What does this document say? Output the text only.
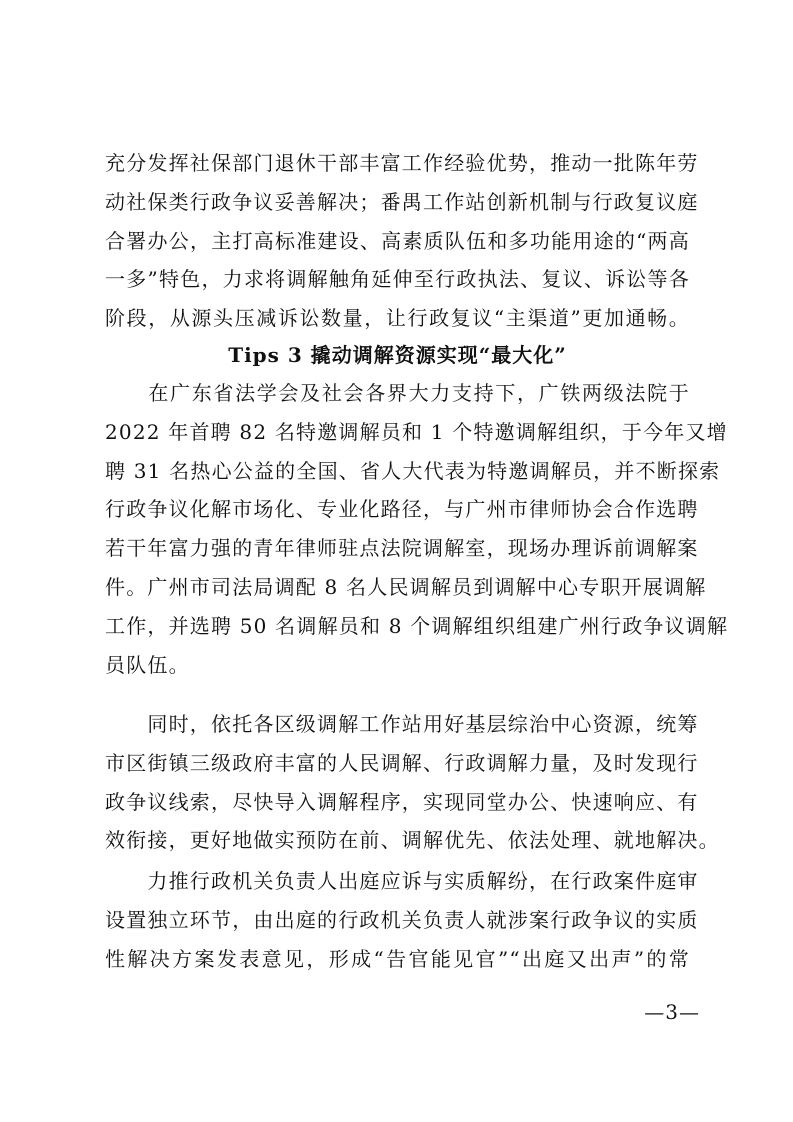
充分发挥社保部门退休干部丰富工作经验优势，推动一批陈年劳
动社保类行政争议妥善解决；番禺工作站创新机制与行政复议庭
合署办公，主打高标准建设、高素质队伍和多功能用途的“两高
一多”特色，力求将调解触角延伸至行政执法、复议、诉讼等各
阶段，从源头压减诉讼数量，让行政复议“主渠道”更加通畅。
Tips 3 撬动调解资源实现“最大化”
　　在广东省法学会及社会各界大力支持下，广铁两级法院于
2022 年首聘 82 名特邀调解员和 1 个特邀调解组织，于今年又增
聘 31 名热心公益的全国、省人大代表为特邀调解员，并不断探索
行政争议化解市场化、专业化路径，与广州市律师协会合作选聘
若干年富力强的青年律师驻点法院调解室，现场办理诉前调解案
件。广州市司法局调配 8 名人民调解员到调解中心专职开展调解
工作，并选聘 50 名调解员和 8 个调解组织组建广州行政争议调解
员队伍。
　　同时，依托各区级调解工作站用好基层综治中心资源，统筹
市区街镇三级政府丰富的人民调解、行政调解力量，及时发现行
政争议线索，尽快导入调解程序，实现同堂办公、快速响应、有
效衔接，更好地做实预防在前、调解优先、依法处理、就地解决。
　　力推行政机关负责人出庭应诉与实质解纷，在行政案件庭审
设置独立环节，由出庭的行政机关负责人就涉案行政争议的实质
性解决方案发表意见，形成“告官能见官”“出庭又出声”的常
—3—
